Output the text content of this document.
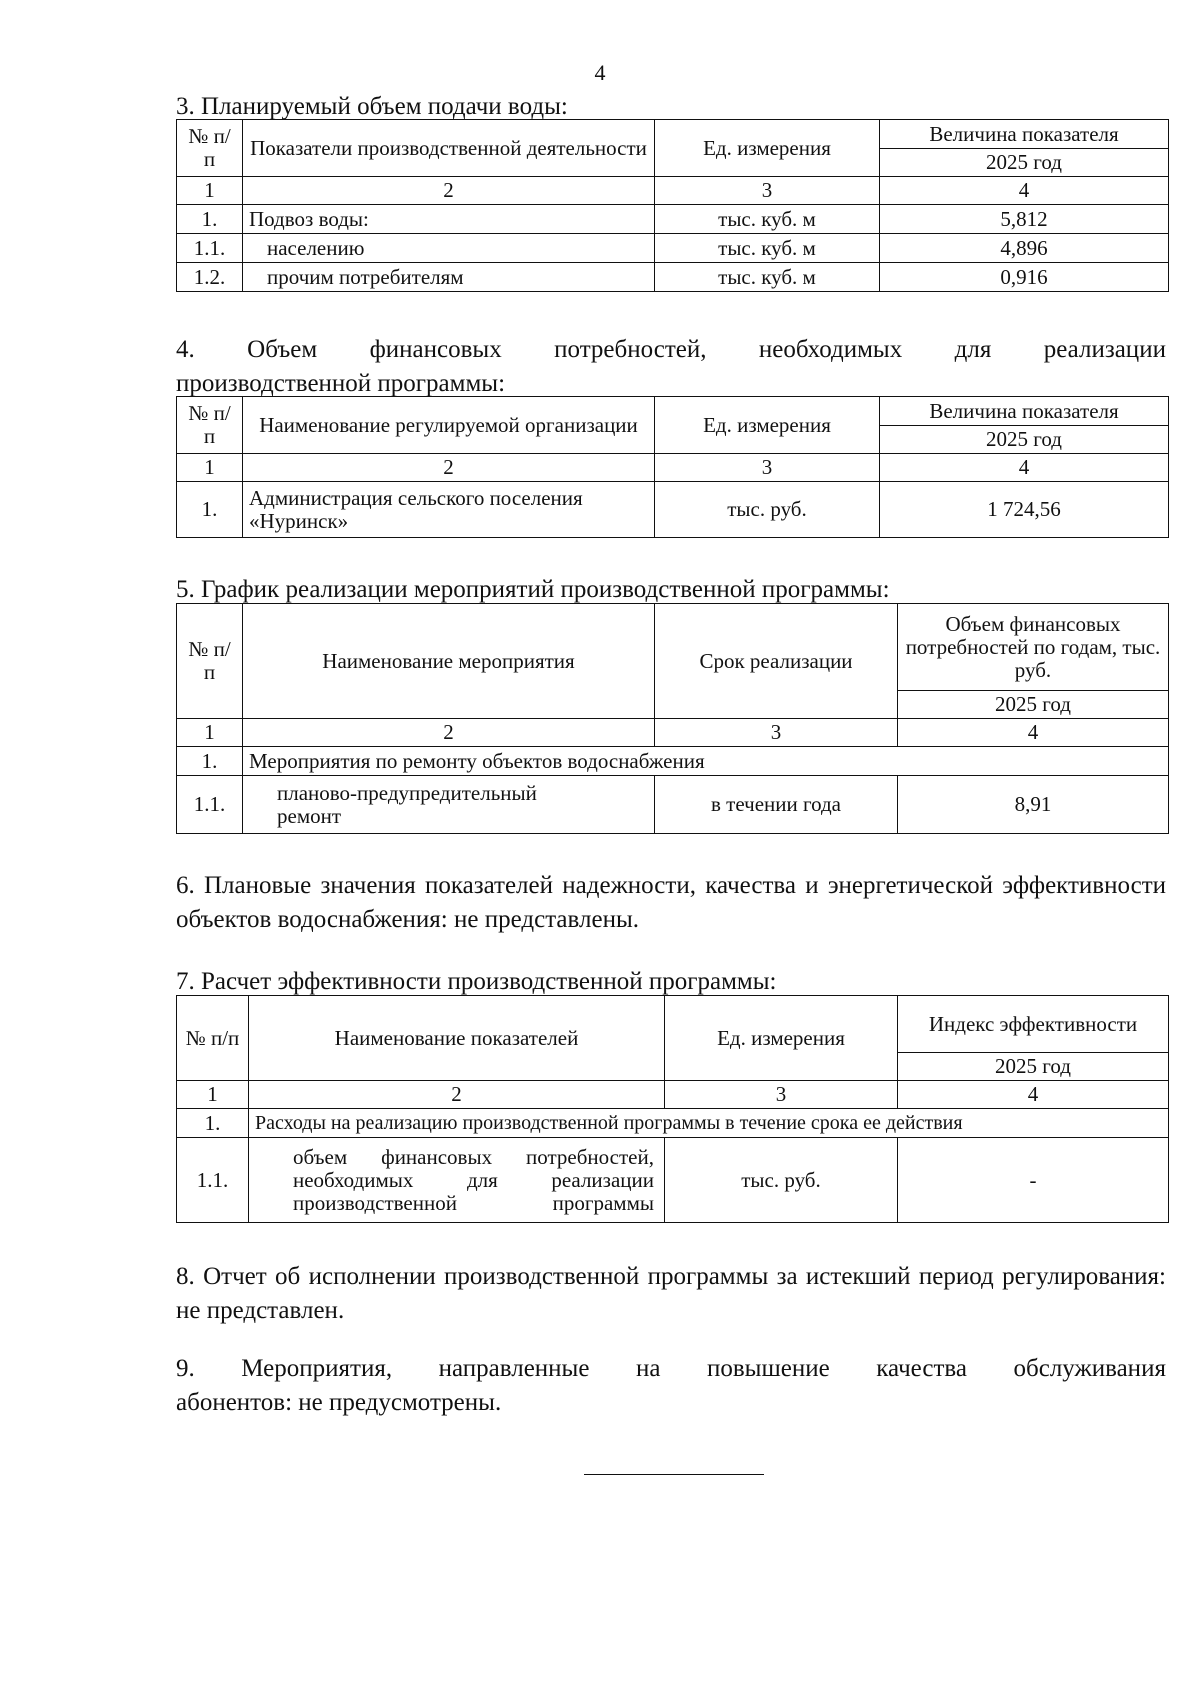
4
3. Планируемый объем подачи воды:
№ п/п	Показатели производственной деятельности	Ед. измерения	Величина показателя
			2025 год
1	2	3	4
1.	Подвоз воды:	тыс. куб. м	5,812
1.1.	населению	тыс. куб. м	4,896
1.2.	прочим потребителям	тыс. куб. м	0,916
4. Объем финансовых потребностей, необходимых для реализации
производственной программы:
№ п/п	Наименование регулируемой организации	Ед. измерения	Величина показателя
			2025 год
1	2	3	4
1.	Администрация сельского поселения «Нуринск»	тыс. руб.	1 724,56
5. График реализации мероприятий производственной программы:
№ п/п	Наименование мероприятия	Срок реализации	Объем финансовых потребностей по годам, тыс. руб.
			2025 год
1	2	3	4
1.	Мероприятия по ремонту объектов водоснабжения		
1.1.	планово-предупредительный ремонт	в течении года	8,91
6. Плановые значения показателей надежности, качества и энергетической эффективности объектов водоснабжения: не представлены.
7. Расчет эффективности производственной программы:
№ п/п	Наименование показателей	Ед. измерения	Индекс эффективности
			2025 год
1	2	3	4
1.	Расходы на реализацию производственной программы в течение срока ее действия		
1.1.	объем финансовых потребностей, необходимых для реализации производственной программы	тыс. руб.	-
8. Отчет об исполнении производственной программы за истекший период регулирования: не представлен.
9. Мероприятия, направленные на повышение качества обслуживания
абонентов: не предусмотрены.
